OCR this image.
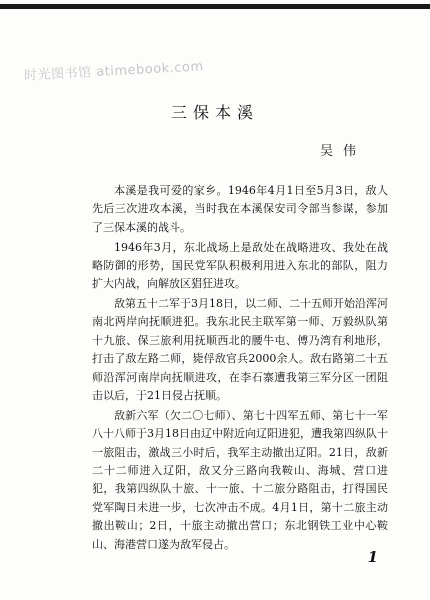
时光图书馆 atimebook.com
三保本溪
吴伟

本溪是我可爱的家乡。1946年4月1日至5月3日，敌人先后三次进攻本溪，当时我在本溪保安司令部当参谋，参加了三保本溪的战斗。

1946年3月，东北战场上是敌处在战略进攻、我处在战略防御的形势，国民党军队积极利用进入东北的部队，阻力扩大内战，向解放区猖狂进攻。

敌第五十二军于3月18日，以二师、二十五师开始沿浑河南北两岸向抚顺进犯。我东北民主联军第一师、万毅纵队第十九旅、保三旅利用抚顺西北的腰牛屯、傅乃湾有利地形，打击了敌左路二师，毙俘敌官兵2000余人。敌右路第二十五师沿浑河南岸向抚顺进攻，在李石寨遭我第三军分区一团阻击以后，于21日侵占抚顺。

敌新六军（欠二〇七师）、第七十四军五师、第七十一军八十八师于3月18日由辽中附近向辽阳进犯，遭我第四纵队十一旅阻击，激战三小时后，我军主动撤出辽阳。21日，敌新二十二师进入辽阳，敌又分三路向我鞍山、海城、营口进犯，我第四纵队十旅、十一旅、十二旅分路阻击，打得国民党军陶日未进一步，七次冲击不成。4月1日，第十二旅主动撤出鞍山；2日，十旅主动撤出营口；东北钢铁工业中心鞍山、海港营口遂为敌军侵占。

1
